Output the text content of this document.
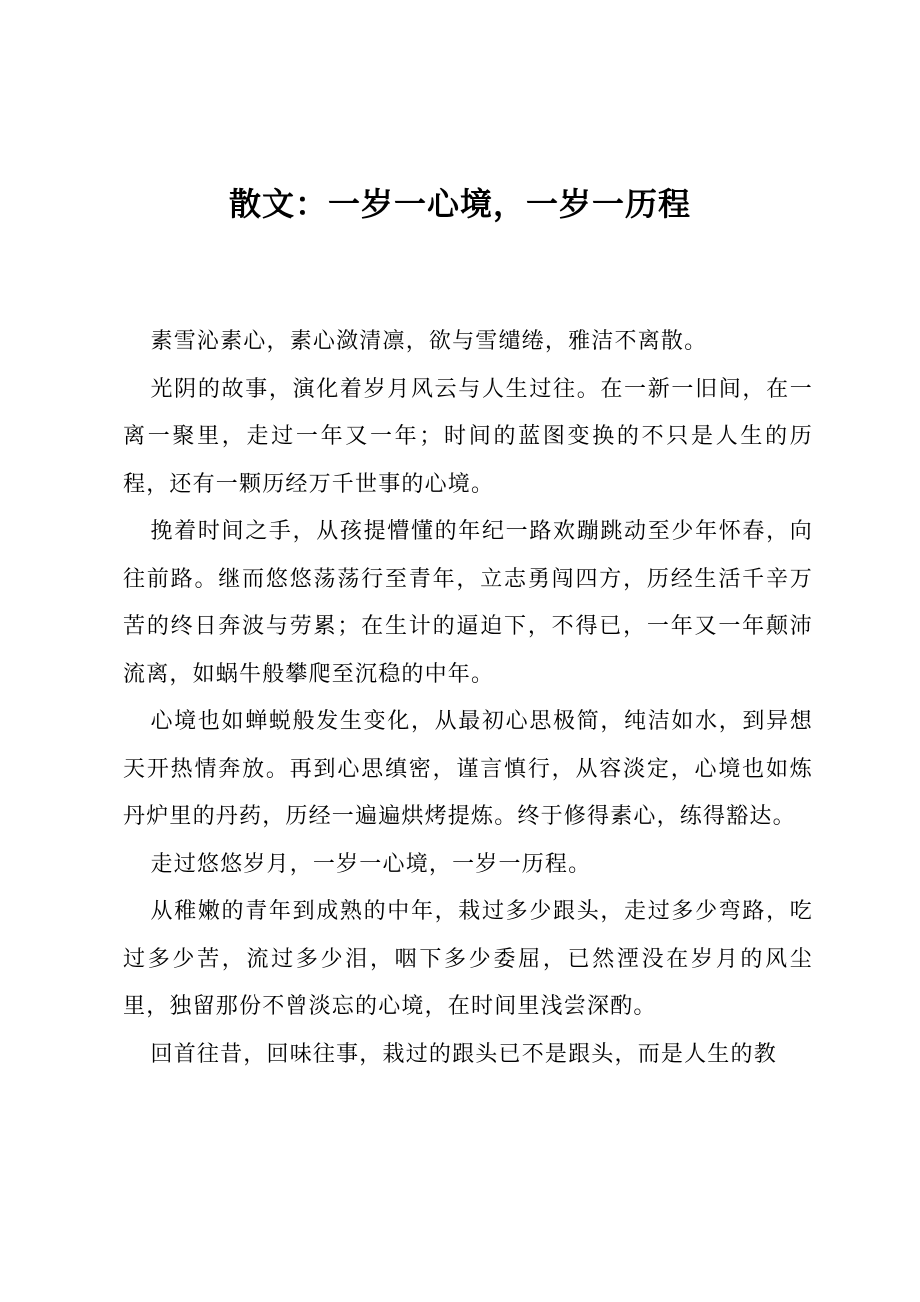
散文：一岁一心境，一岁一历程

素雪沁素心，素心潋清凛，欲与雪缱绻，雅洁不离散。

光阴的故事，演化着岁月风云与人生过往。在一新一旧间，在一离一聚里，走过一年又一年；时间的蓝图变换的不只是人生的历程，还有一颗历经万千世事的心境。

挽着时间之手，从孩提懵懂的年纪一路欢蹦跳动至少年怀春，向往前路。继而悠悠荡荡行至青年，立志勇闯四方，历经生活千辛万苦的终日奔波与劳累；在生计的逼迫下，不得已，一年又一年颠沛流离，如蜗牛般攀爬至沉稳的中年。

心境也如蝉蜕般发生变化，从最初心思极简，纯洁如水，到异想天开热情奔放。再到心思缜密，谨言慎行，从容淡定，心境也如炼丹炉里的丹药，历经一遍遍烘烤提炼。终于修得素心，练得豁达。

走过悠悠岁月，一岁一心境，一岁一历程。

从稚嫩的青年到成熟的中年，栽过多少跟头，走过多少弯路，吃过多少苦，流过多少泪，咽下多少委屈，已然湮没在岁月的风尘里，独留那份不曾淡忘的心境，在时间里浅尝深酌。

回首往昔，回味往事，栽过的跟头已不是跟头，而是人生的教
